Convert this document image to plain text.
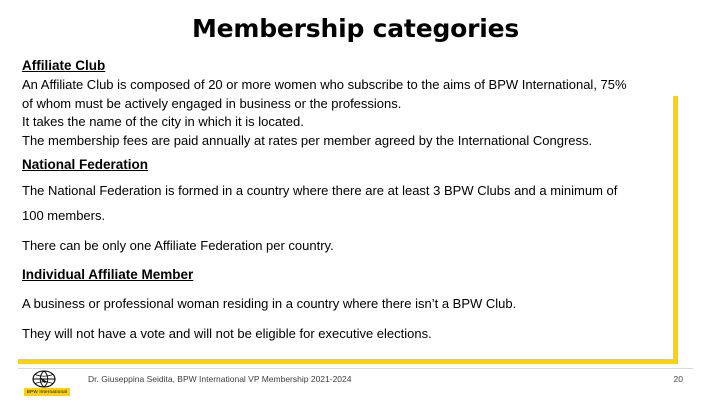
Membership categories
Affiliate Club

An Affiliate Club is composed of 20 or more women who subscribe to the aims of BPW International, 75%

of whom must be actively engaged in business or the professions.

It takes the name of the city in which it is located.

The membership fees are paid annually at rates per member agreed by the International Congress.

National Federation

The National Federation is formed in a country where there are at least 3 BPW Clubs and a minimum of

100 members.

There can be only one Affiliate Federation per country.

Individual Affiliate Member

A business or professional woman residing in a country where there isn’t a BPW Club.

They will not have a vote and will not be eligible for executive elections.

BPW International
Dr. Giuseppina Seidita, BPW International VP Membership 2021-2024	20
